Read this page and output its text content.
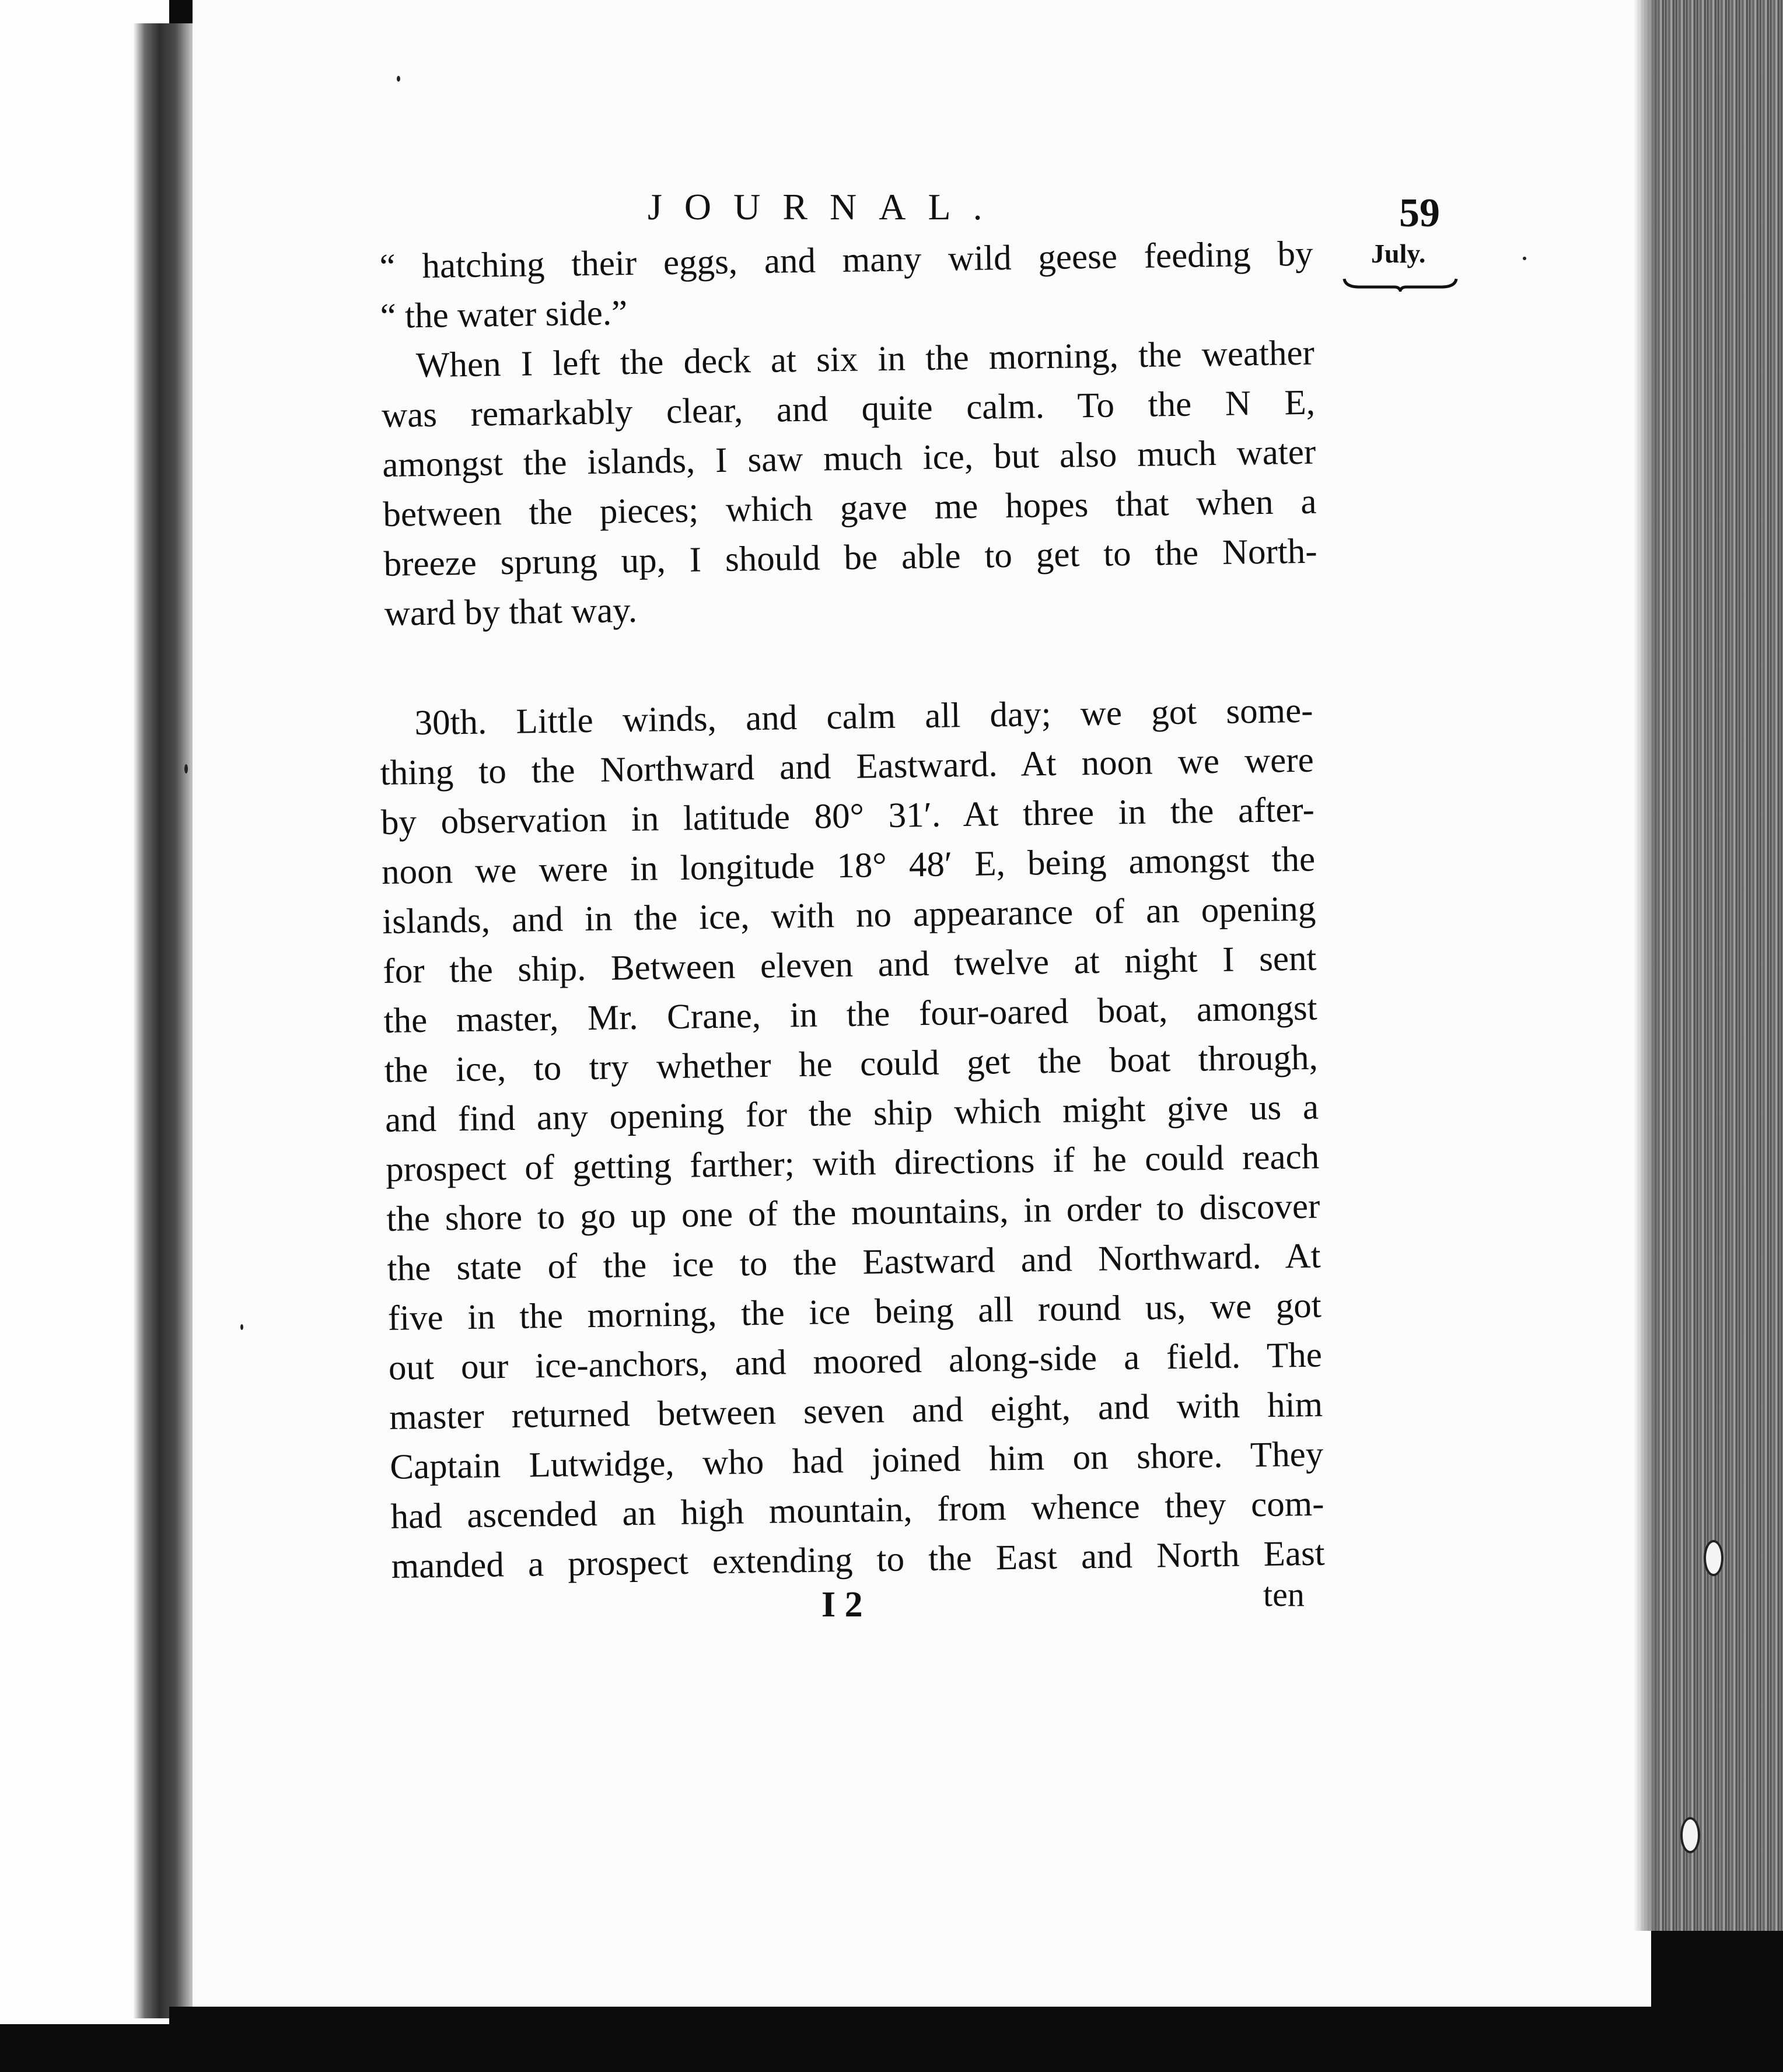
JOURNAL.	59
July.
“ hatching their eggs, and many wild geese feeding by
“ the water side.”
When I left the deck at six in the morning, the weather
was remarkably clear, and quite calm. To the N E,
amongst the islands, I saw much ice, but also much water
between the pieces; which gave me hopes that when a
breeze sprung up, I should be able to get to the North-
ward by that way.
30th. Little winds, and calm all day; we got some-
thing to the Northward and Eastward. At noon we were
by observation in latitude 80° 31′. At three in the after-
noon we were in longitude 18° 48′ E, being amongst the
islands, and in the ice, with no appearance of an opening
for the ship. Between eleven and twelve at night I sent
the master, Mr. Crane, in the four-oared boat, amongst
the ice, to try whether he could get the boat through,
and find any opening for the ship which might give us a
prospect of getting farther; with directions if he could reach
the shore to go up one of the mountains, in order to discover
the state of the ice to the Eastward and Northward. At
five in the morning, the ice being all round us, we got
out our ice-anchors, and moored along-side a field. The
master returned between seven and eight, and with him
Captain Lutwidge, who had joined him on shore. They
had ascended an high mountain, from whence they com-
manded a prospect extending to the East and North East
I 2	ten
